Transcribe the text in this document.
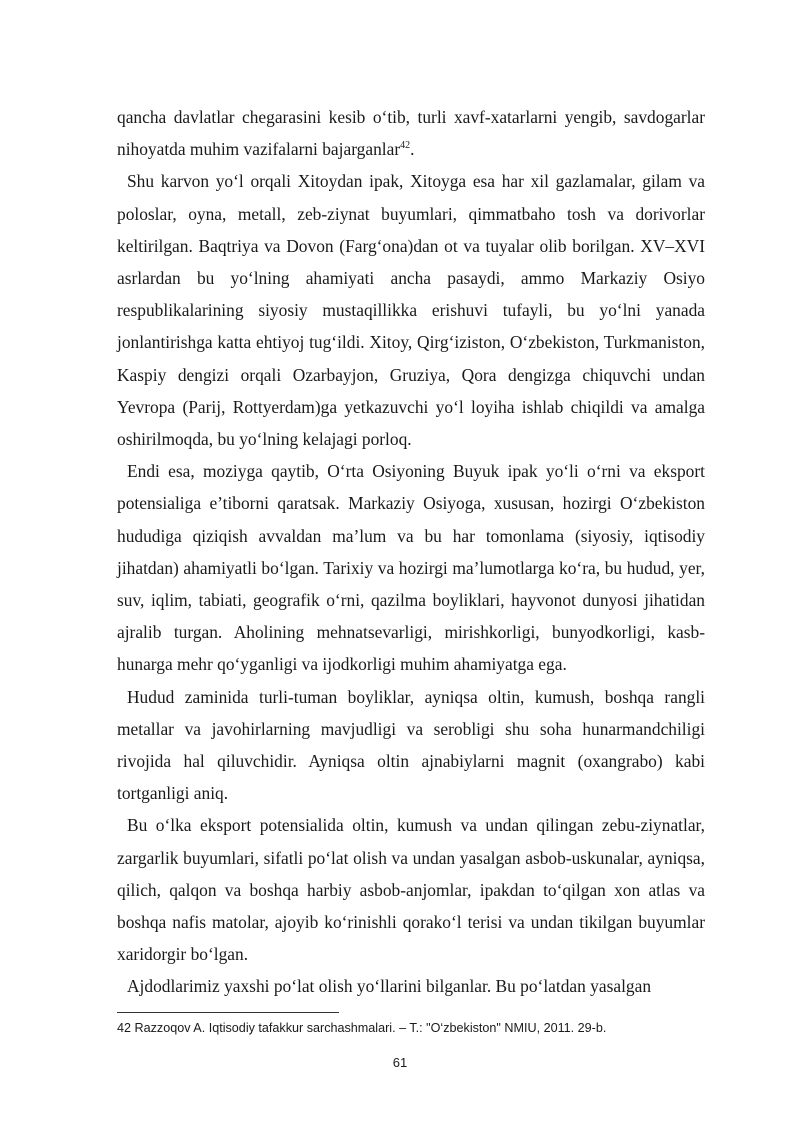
qancha davlatlar chegarasini kesib o‘tib, turli xavf-xatarlarni yengib, savdogarlar nihoyatda muhim vazifalarni bajarganlar$^{42}$.

Shu karvon yo‘l orqali Xitoydan ipak, Xitoyga esa har xil gazlamalar, gilam va poloslar, oyna, metall, zeb-ziynat buyumlari, qimmatbaho tosh va dorivorlar keltirilgan. Baqtriya va Dovon (Farg‘ona)dan ot va tuyalar olib borilgan. XV–XVI asrlardan bu yo‘lning ahamiyati ancha pasaydi, ammo Markaziy Osiyo respublikalarining siyosiy mustaqillikka erishuvi tufayli, bu yo‘lni yanada jonlantirishga katta ehtiyoj tug‘ildi. Xitoy, Qirg‘iziston, O‘zbekiston, Turkmaniston, Kaspiy dengizi orqali Ozarbayjon, Gruziya, Qora dengizga chiquvchi undan Yevropa (Parij, Rottyerdam)ga yetkazuvchi yo‘l loyiha ishlab chiqildi va amalga oshirilmoqda, bu yo‘lning kelajagi porloq.

Endi esa, moziyga qaytib, O‘rta Osiyoning Buyuk ipak yo‘li o‘rni va eksport potensialiga e’tiborni qaratsak. Markaziy Osiyoga, xususan, hozirgi O‘zbekiston hududiga qiziqish avvaldan ma’lum va bu har tomonlama (siyosiy, iqtisodiy jihatdan) ahamiyatli bo‘lgan. Tarixiy va hozirgi ma’lumotlarga ko‘ra, bu hudud, yer, suv, iqlim, tabiati, geografik o‘rni, qazilma boyliklari, hayvonot dunyosi jihatidan ajralib turgan. Aholining mehnatsevarligi, mirishkorligi, bunyodkorligi, kasb- hunarga mehr qo‘yganligi va ijodkorligi muhim ahamiyatga ega.

Hudud zaminida turli-tuman boyliklar, ayniqsa oltin, kumush, boshqa rangli metallar va javohirlarning mavjudligi va serobligi shu soha hunarmandchiligi rivojida hal qiluvchidir. Ayniqsa oltin ajnabiylarni magnit (oxangrabo) kabi tortganligi aniq.

Bu o‘lka eksport potensialida oltin, kumush va undan qilingan zebu-ziynatlar, zargarlik buyumlari, sifatli po‘lat olish va undan yasalgan asbob-uskunalar, ayniqsa, qilich, qalqon va boshqa harbiy asbob-anjomlar, ipakdan to‘qilgan xon atlas va boshqa nafis matolar, ajoyib ko‘rinishli qorako‘l terisi va undan tikilgan buyumlar xaridorgir bo‘lgan.

Ajdodlarimiz yaxshi po‘lat olish yo‘llarini bilganlar. Bu po‘latdan yasalgan

42 Razzoqov A. Iqtisodiy tafakkur sarchashmalari. – T.: "O‘zbekiston" NMIU, 2011. 29-b.
61
